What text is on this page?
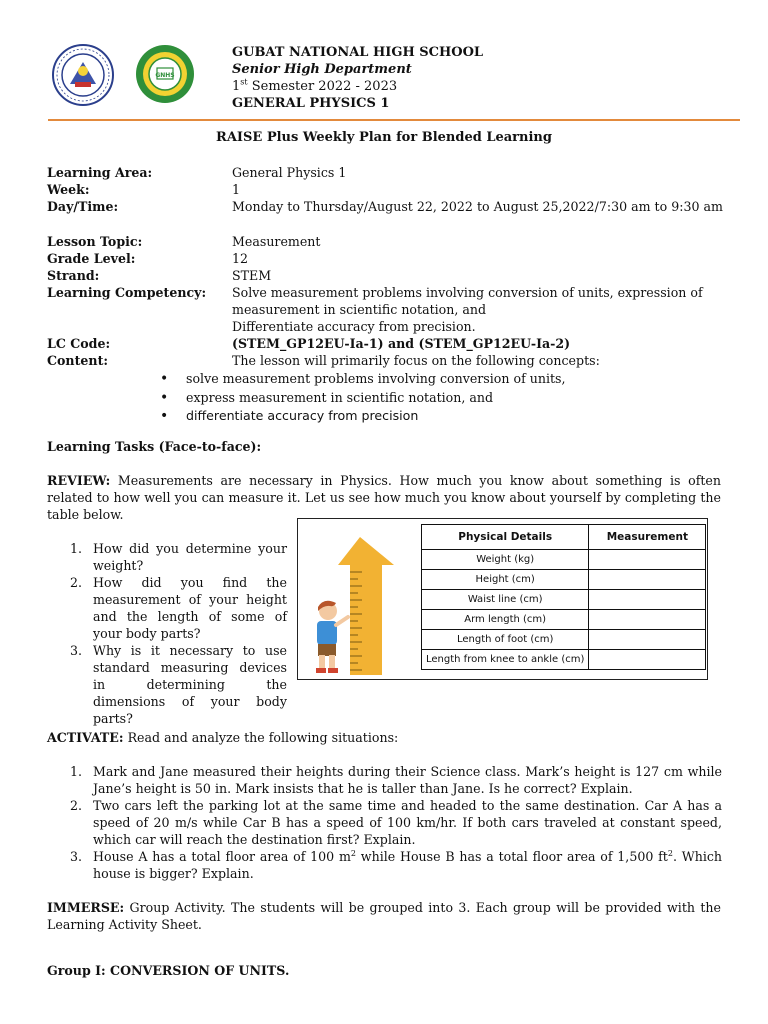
GNHS
GUBAT NATIONAL HIGH SCHOOL
Senior High Department
1st Semester 2022 - 2023
GENERAL PHYSICS 1
RAISE Plus Weekly Plan for Blended Learning
Learning Area:	General Physics 1
Week:	1
Day/Time:	Monday to Thursday/August 22, 2022 to August 25,2022/7:30 am to 9:30 am
Lesson Topic:	Measurement
Grade Level:	12
Strand:	STEM
Learning Competency: Solve measurement problems involving conversion of units, expression of measurement in scientific notation, and
Differentiate accuracy from precision.
LC Code:	(STEM_GP12EU-Ia-1) and (STEM_GP12EU-Ia-2)
Content:	The lesson will primarily focus on the following concepts:
• solve measurement problems involving conversion of units,
• express measurement in scientific notation, and
• differentiate accuracy from precision
Learning Tasks (Face-to-face):
REVIEW: Measurements are necessary in Physics. How much you know about something is often related to how well you can measure it. Let us see how much you know about yourself by completing the table below.
1. How did you determine your weight?
2. How did you find the measurement of your height and the length of some of your body parts?
3. Why is it necessary to use standard measuring devices in determining the dimensions of your body parts?
Physical Details	Measurement
Weight (kg)	
Height (cm)	
Waist line (cm)	
Arm length (cm)	
Length of foot (cm)	
Length from knee to ankle (cm)	
ACTIVATE: Read and analyze the following situations:
1. Mark and Jane measured their heights during their Science class. Mark’s height is 127 cm while Jane’s height is 50 in. Mark insists that he is taller than Jane. Is he correct? Explain.
2. Two cars left the parking lot at the same time and headed to the same destination. Car A has a speed of 20 m/s while Car B has a speed of 100 km/hr. If both cars traveled at constant speed, which car will reach the destination first? Explain.
3. House A has a total floor area of 100 $m^2$ while House B has a total floor area of 1,500 $ft^2$. Which house is bigger? Explain.
IMMERSE: Group Activity. The students will be grouped into 3. Each group will be provided with the Learning Activity Sheet.
Group I: CONVERSION OF UNITS.
